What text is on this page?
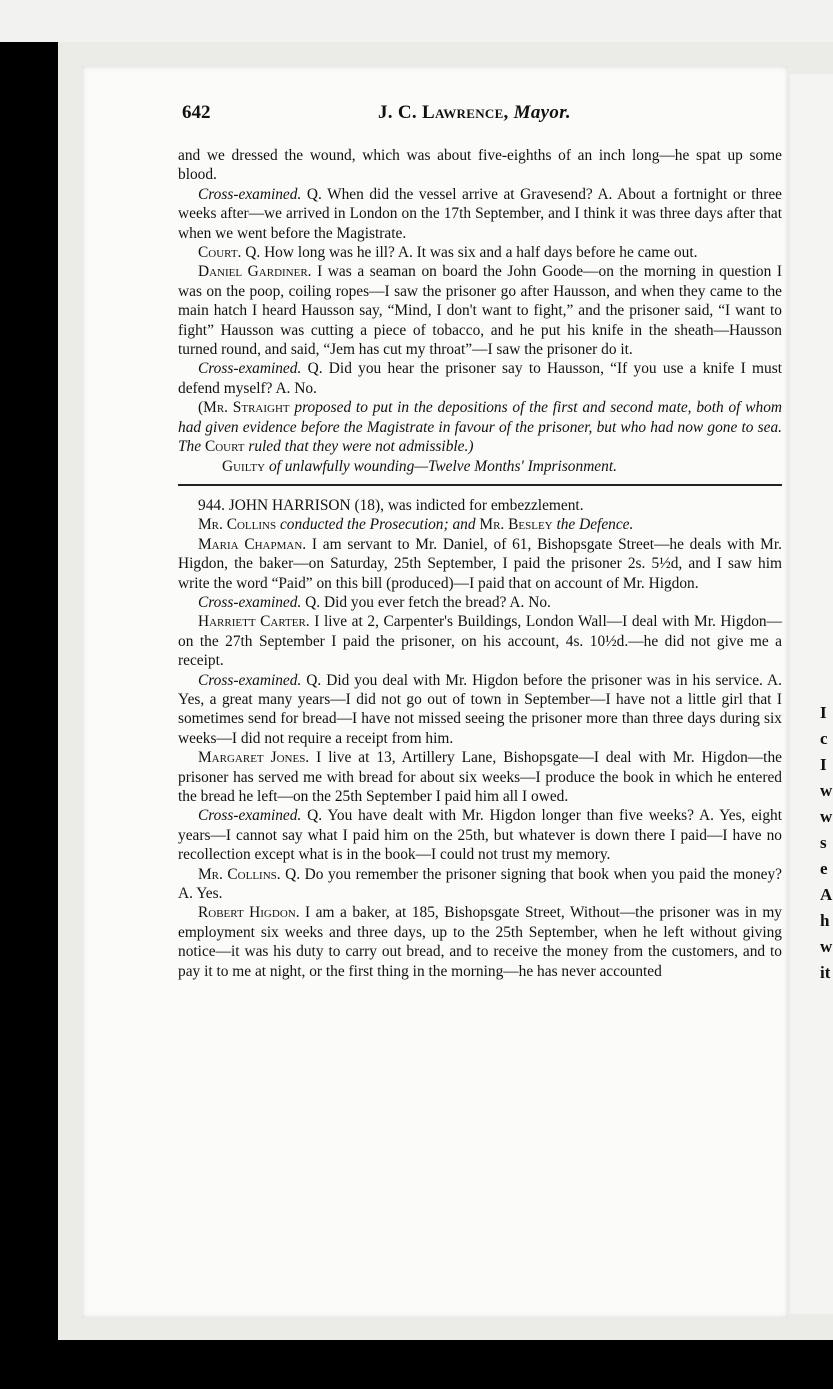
I
c
I
w
w
s
e
A
h
w
it
642	J. C. Lawrence, Mayor.

and we dressed the wound, which was about five-eighths of an inch long—he spat up some blood.

Cross-examined. Q. When did the vessel arrive at Gravesend? A. About a fortnight or three weeks after—we arrived in London on the 17th September, and I think it was three days after that when we went before the Magistrate.

Court. Q. How long was he ill? A. It was six and a half days before he came out.

Daniel Gardiner. I was a seaman on board the John Goode—on the morning in question I was on the poop, coiling ropes—I saw the prisoner go after Hausson, and when they came to the main hatch I heard Hausson say, “Mind, I don't want to fight,” and the prisoner said, “I want to fight” Hausson was cutting a piece of tobacco, and he put his knife in the sheath—Hausson turned round, and said, “Jem has cut my throat”—I saw the prisoner do it.

Cross-examined. Q. Did you hear the prisoner say to Hausson, “If you use a knife I must defend myself? A. No.

(Mr. Straight proposed to put in the depositions of the first and second mate, both of whom had given evidence before the Magistrate in favour of the prisoner, but who had now gone to sea. The Court ruled that they were not admissible.)

Guilty of unlawfully wounding—Twelve Months' Imprisonment.

944. JOHN HARRISON (18), was indicted for embezzlement.

Mr. Collins conducted the Prosecution; and Mr. Besley the Defence.

Maria Chapman. I am servant to Mr. Daniel, of 61, Bishopsgate Street—he deals with Mr. Higdon, the baker—on Saturday, 25th September, I paid the prisoner 2s. 5½d, and I saw him write the word “Paid” on this bill (produced)—I paid that on account of Mr. Higdon.

Cross-examined. Q. Did you ever fetch the bread? A. No.

Harriett Carter. I live at 2, Carpenter's Buildings, London Wall—I deal with Mr. Higdon—on the 27th September I paid the prisoner, on his account, 4s. 10½d.—he did not give me a receipt.

Cross-examined. Q. Did you deal with Mr. Higdon before the prisoner was in his service. A. Yes, a great many years—I did not go out of town in September—I have not a little girl that I sometimes send for bread—I have not missed seeing the prisoner more than three days during six weeks—I did not require a receipt from him.

Margaret Jones. I live at 13, Artillery Lane, Bishopsgate—I deal with Mr. Higdon—the prisoner has served me with bread for about six weeks—I produce the book in which he entered the bread he left—on the 25th September I paid him all I owed.

Cross-examined. Q. You have dealt with Mr. Higdon longer than five weeks? A. Yes, eight years—I cannot say what I paid him on the 25th, but whatever is down there I paid—I have no recollection except what is in the book—I could not trust my memory.

Mr. Collins. Q. Do you remember the prisoner signing that book when you paid the money? A. Yes.

Robert Higdon. I am a baker, at 185, Bishopsgate Street, Without—the prisoner was in my employment six weeks and three days, up to the 25th September, when he left without giving notice—it was his duty to carry out bread, and to receive the money from the customers, and to pay it to me at night, or the first thing in the morning—he has never accounted
